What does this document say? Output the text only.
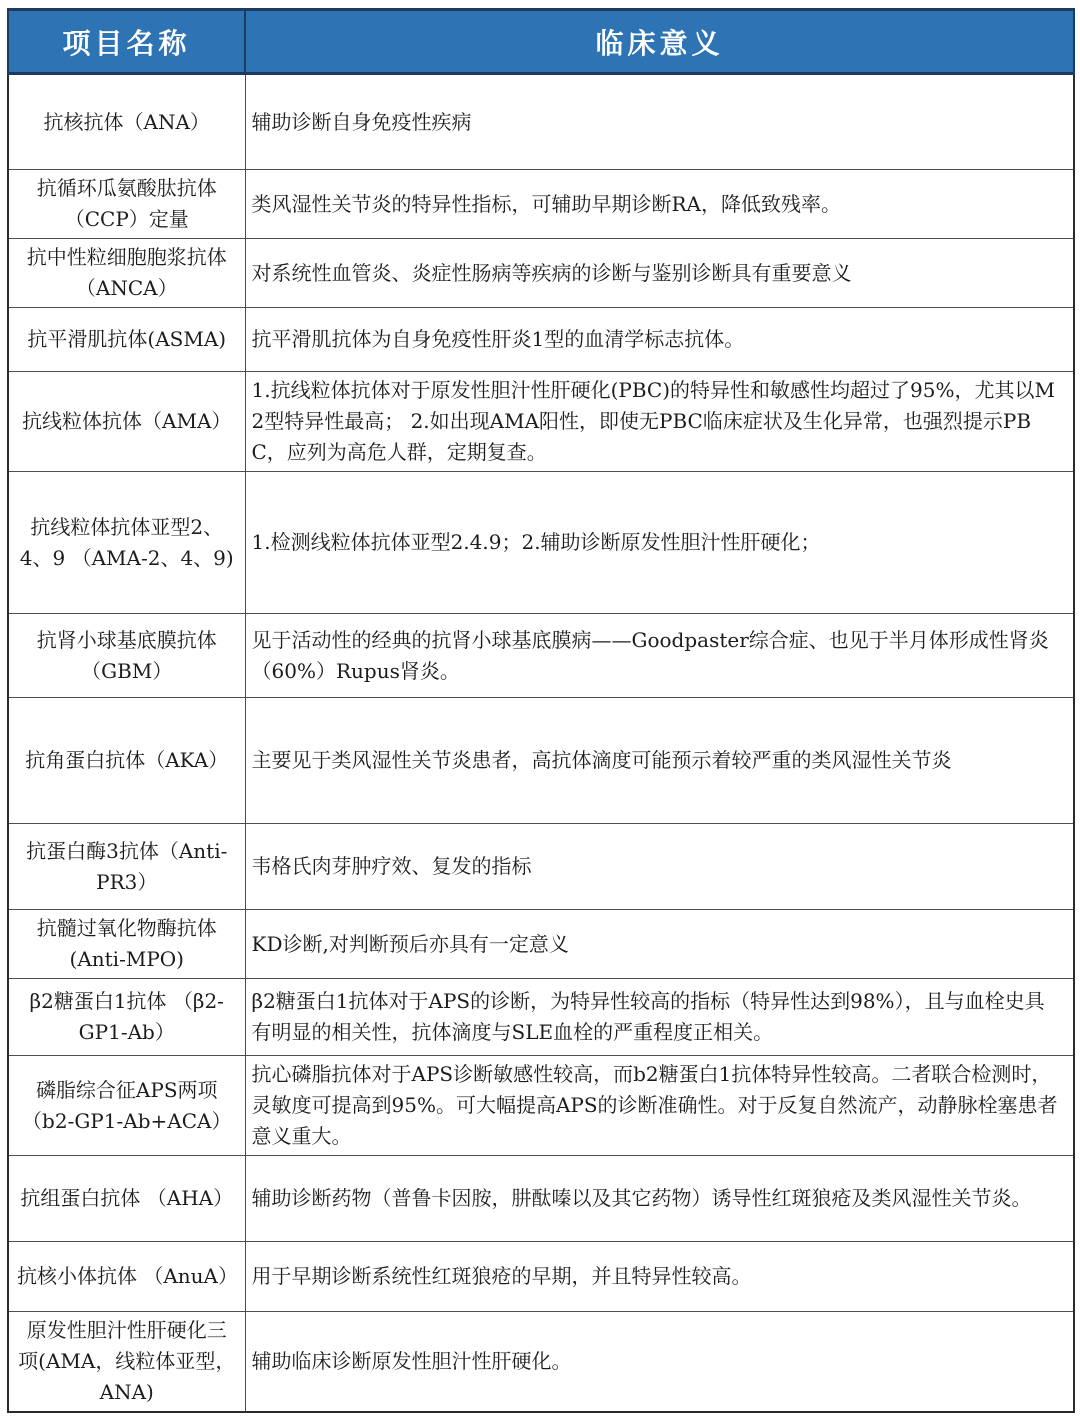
项目名称	临床意义
抗核抗体（ANA）	辅助诊断自身免疫性疾病
抗循环瓜氨酸肽抗体（CCP）定量	类风湿性关节炎的特异性指标，可辅助早期诊断RA，降低致残率。
抗中性粒细胞胞浆抗体（ANCA）	对系统性血管炎、炎症性肠病等疾病的诊断与鉴别诊断具有重要意义
抗平滑肌抗体(ASMA)	抗平滑肌抗体为自身免疫性肝炎1型的血清学标志抗体。
抗线粒体抗体（AMA）	1.抗线粒体抗体对于原发性胆汁性肝硬化(PBC)的特异性和敏感性均超过了95%，尤其以M2型特异性最高； 2.如出现AMA阳性，即使无PBC临床症状及生化异常，也强烈提示PBC，应列为高危人群，定期复查。
抗线粒体抗体亚型2、4、9 （AMA-2、4、9)	1.检测线粒体抗体亚型2.4.9；2.辅助诊断原发性胆汁性肝硬化；
抗肾小球基底膜抗体（GBM）	见于活动性的经典的抗肾小球基底膜病——Goodpaster综合症、也见于半月体形成性肾炎（60%）Rupus肾炎。
抗角蛋白抗体（AKA）	主要见于类风湿性关节炎患者，高抗体滴度可能预示着较严重的类风湿性关节炎
抗蛋白酶3抗体（Anti-PR3）	韦格氏肉芽肿疗效、复发的指标
抗髓过氧化物酶抗体(Anti-MPO)	KD诊断,对判断预后亦具有一定意义
β2糖蛋白1抗体 （β2-GP1-Ab）	β2糖蛋白1抗体对于APS的诊断，为特异性较高的指标（特异性达到98%），且与血栓史具有明显的相关性，抗体滴度与SLE血栓的严重程度正相关。
磷脂综合征APS两项（b2-GP1-Ab+ACA）	抗心磷脂抗体对于APS诊断敏感性较高，而b2糖蛋白1抗体特异性较高。二者联合检测时，灵敏度可提高到95%。可大幅提高APS的诊断准确性。对于反复自然流产，动静脉栓塞患者意义重大。
抗组蛋白抗体 （AHA）	辅助诊断药物（普鲁卡因胺，肼酞嗪以及其它药物）诱导性红斑狼疮及类风湿性关节炎。
抗核小体抗体 （AnuA）	用于早期诊断系统性红斑狼疮的早期，并且特异性较高。
原发性胆汁性肝硬化三项(AMA，线粒体亚型，ANA)	辅助临床诊断原发性胆汁性肝硬化。
